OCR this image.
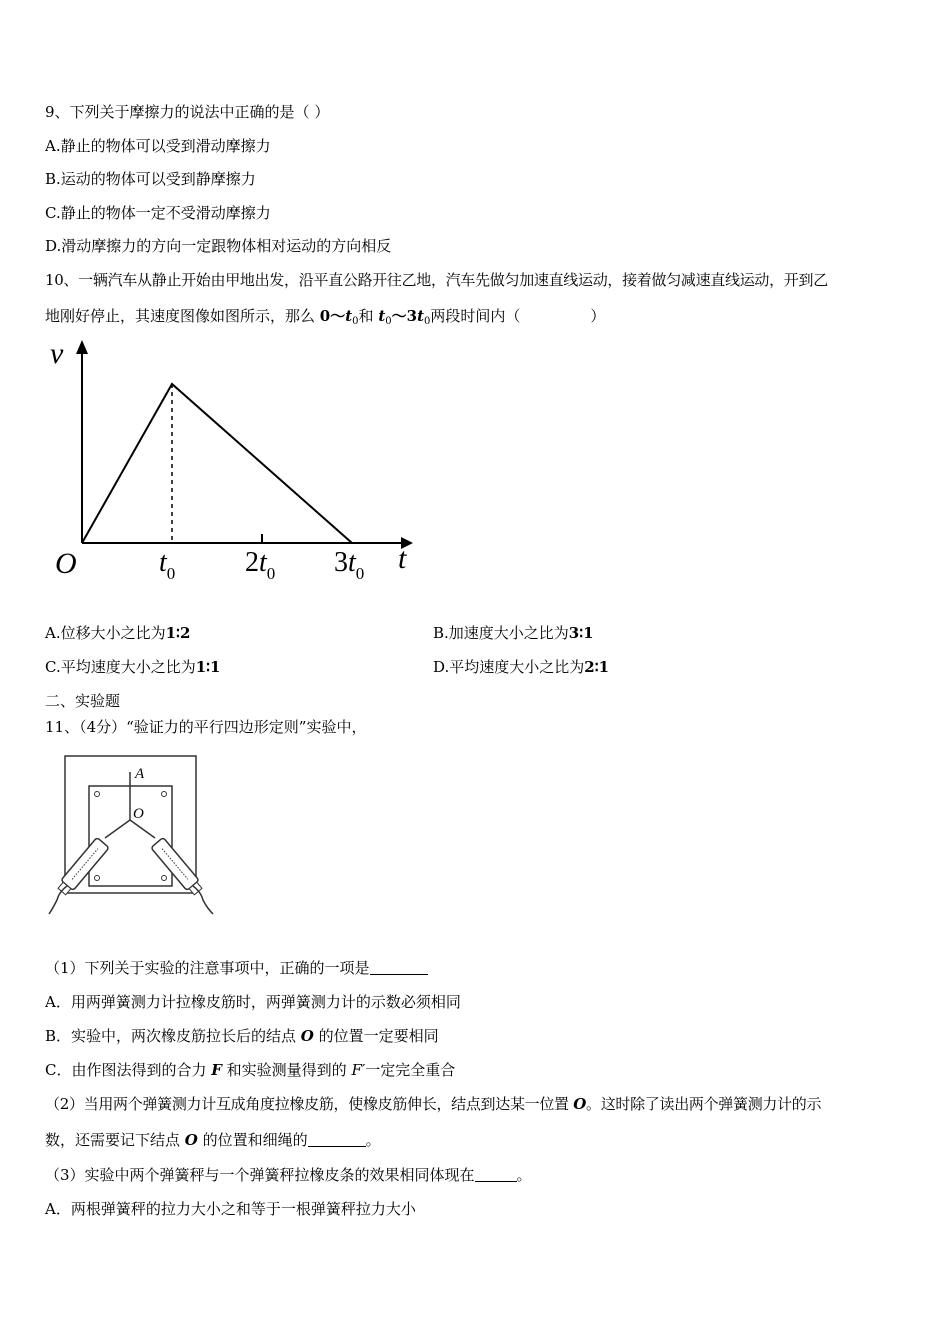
9、下列关于摩擦力的说法中正确的是（ ）
A.静止的物体可以受到滑动摩擦力
B.运动的物体可以受到静摩擦力
C.静止的物体一定不受滑动摩擦力
D.滑动摩擦力的方向一定跟物体相对运动的方向相反
10、一辆汽车从静止开始由甲地出发，沿平直公路开往乙地，汽车先做匀加速直线运动，接着做匀减速直线运动，开到乙
地刚好停止，其速度图像如图所示，那么 $0\sim t_0$和 $t_0\sim 3t_0$两段时间内（	）
v
t
O	$t_0$ $2t_0$ $3t_0$
A.位移大小之比为1∶2	B.加速度大小之比为3∶1
C.平均速度大小之比为1∶1	D.平均速度大小之比为2∶1
二、实验题
11、（4分）“验证力的平行四边形定则”实验中，
A
O
（1）下列关于实验的注意事项中，正确的一项是
A．用两弹簧测力计拉橡皮筋时，两弹簧测力计的示数必须相同
B．实验中，两次橡皮筋拉长后的结点 O 的位置一定要相同
C．由作图法得到的合力 F 和实验测量得到的 F′一定完全重合
（2）当用两个弹簧测力计互成角度拉橡皮筋，使橡皮筋伸长，结点到达某一位置 O。这时除了读出两个弹簧测力计的示
数，还需要记下结点 O 的位置和细绳的	。
（3）实验中两个弹簧秤与一个弹簧秤拉橡皮条的效果相同体现在	。
A．两根弹簧秤的拉力大小之和等于一根弹簧秤拉力大小
